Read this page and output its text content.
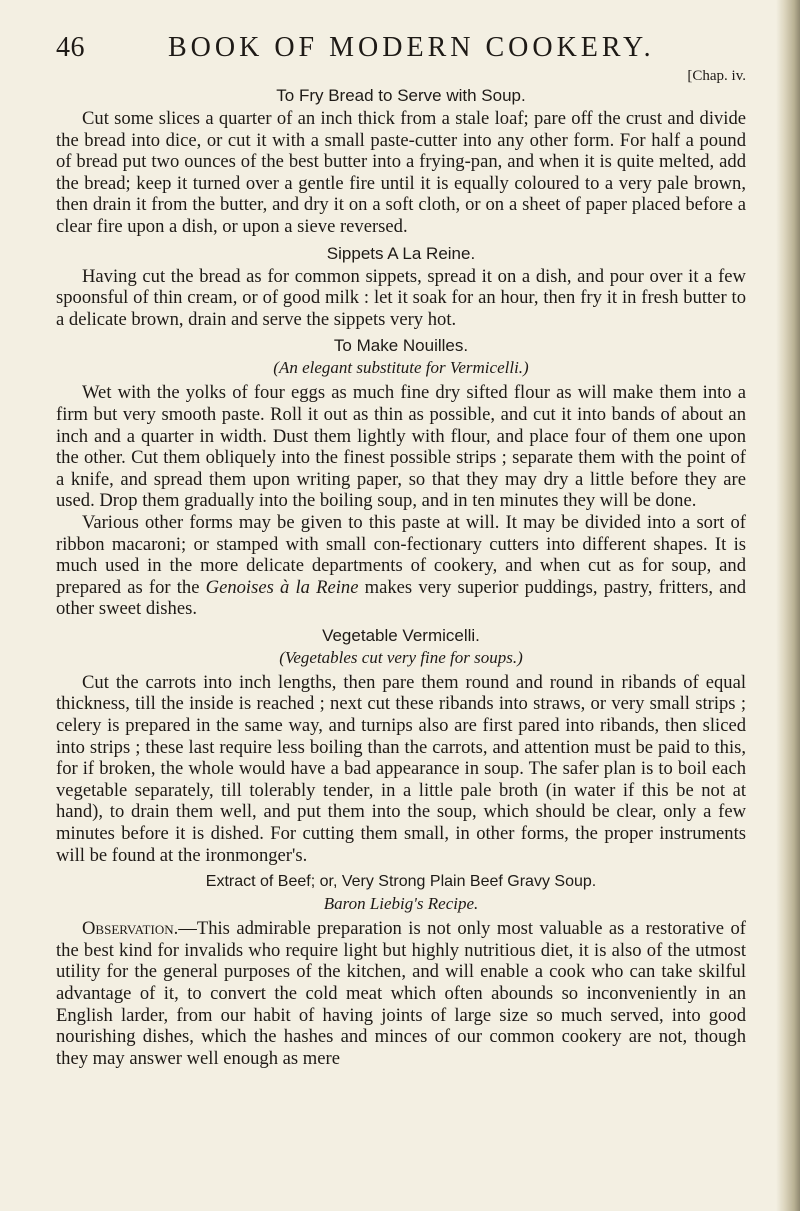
46	BOOK OF MODERN COOKERY.
[Chap. iv.
To Fry Bread to Serve with Soup.

Cut some slices a quarter of an inch thick from a stale loaf; pare off the crust and divide the bread into dice, or cut it with a small paste-cutter into any other form. For half a pound of bread put two ounces of the best butter into a frying-pan, and when it is quite melted, add the bread; keep it turned over a gentle fire until it is equally coloured to a very pale brown, then drain it from the butter, and dry it on a soft cloth, or on a sheet of paper placed before a clear fire upon a dish, or upon a sieve reversed.

Sippets A La Reine.

Having cut the bread as for common sippets, spread it on a dish, and pour over it a few spoonsful of thin cream, or of good milk : let it soak for an hour, then fry it in fresh butter to a delicate brown, drain and serve the sippets very hot.

To Make Nouilles.
(An elegant substitute for Vermicelli.)

Wet with the yolks of four eggs as much fine dry sifted flour as will make them into a firm but very smooth paste. Roll it out as thin as possible, and cut it into bands of about an inch and a quarter in width. Dust them lightly with flour, and place four of them one upon the other. Cut them obliquely into the finest possible strips ; separate them with the point of a knife, and spread them upon writing paper, so that they may dry a little before they are used. Drop them gradually into the boiling soup, and in ten minutes they will be done.

Various other forms may be given to this paste at will. It may be divided into a sort of ribbon macaroni; or stamped with small con-fectionary cutters into different shapes. It is much used in the more delicate departments of cookery, and when cut as for soup, and prepared as for the Genoises à la Reine makes very superior puddings, pastry, fritters, and other sweet dishes.

Vegetable Vermicelli.
(Vegetables cut very fine for soups.)

Cut the carrots into inch lengths, then pare them round and round in ribands of equal thickness, till the inside is reached ; next cut these ribands into straws, or very small strips ; celery is prepared in the same way, and turnips also are first pared into ribands, then sliced into strips ; these last require less boiling than the carrots, and attention must be paid to this, for if broken, the whole would have a bad appearance in soup. The safer plan is to boil each vegetable separately, till tolerably tender, in a little pale broth (in water if this be not at hand), to drain them well, and put them into the soup, which should be clear, only a few minutes before it is dished. For cutting them small, in other forms, the proper instruments will be found at the ironmonger's.

Extract of Beef; or, Very Strong Plain Beef Gravy Soup.
Baron Liebig's Recipe.

Observation.—This admirable preparation is not only most valuable as a restorative of the best kind for invalids who require light but highly nutritious diet, it is also of the utmost utility for the general purposes of the kitchen, and will enable a cook who can take skilful advantage of it, to convert the cold meat which often abounds so inconveniently in an English larder, from our habit of having joints of large size so much served, into good nourishing dishes, which the hashes and minces of our common cookery are not, though they may answer well enough as mere
